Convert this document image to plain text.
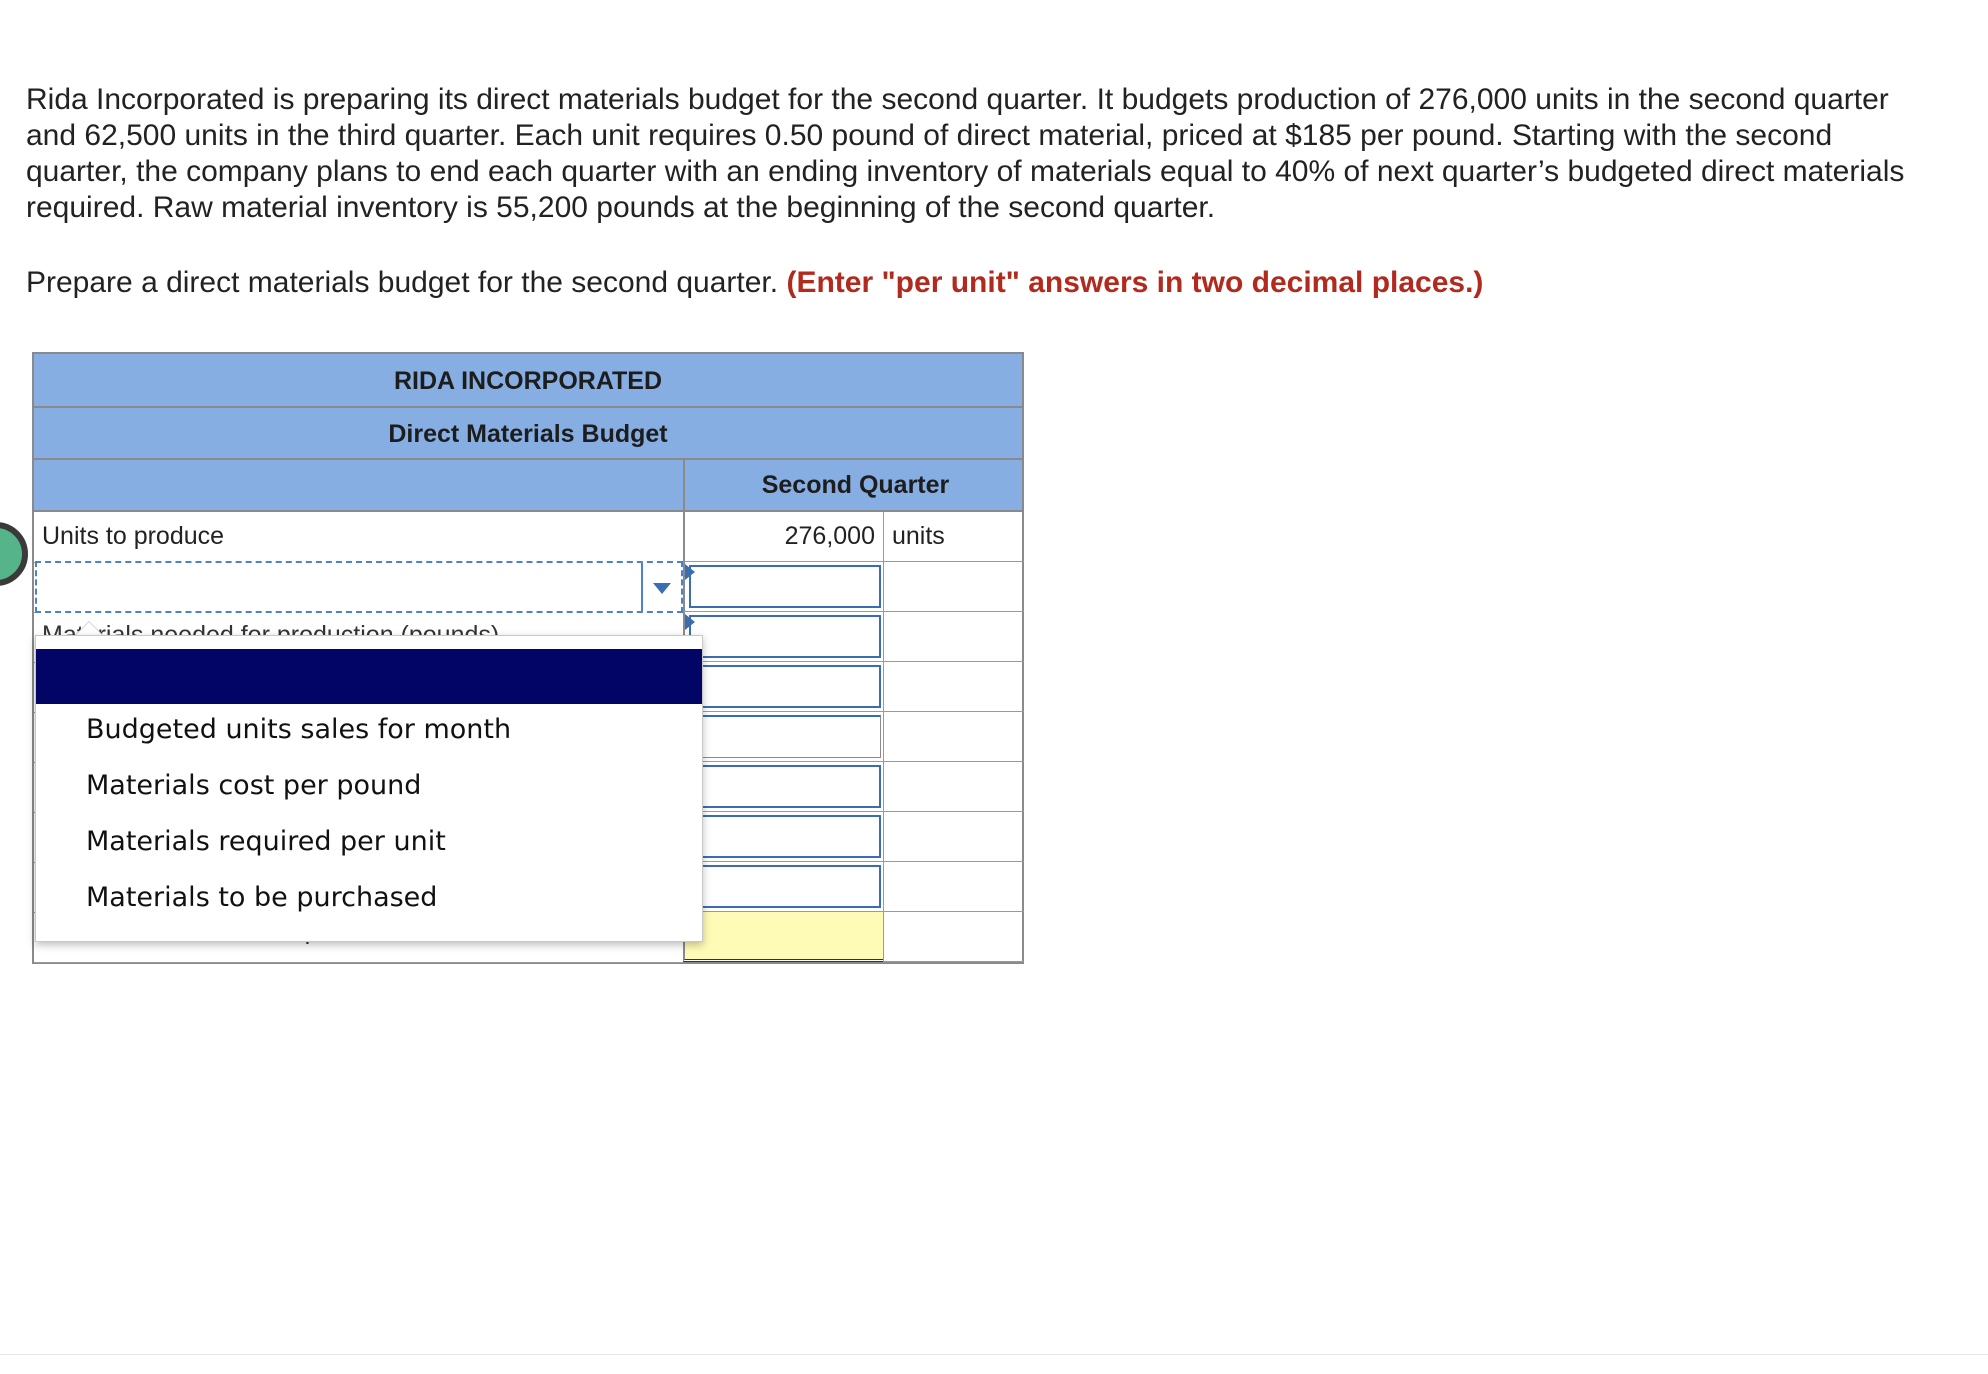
Rida Incorporated is preparing its direct materials budget for the second quarter. It budgets production of 276,000 units in the second quarter and 62,500 units in the third quarter. Each unit requires 0.50 pound of direct material, priced at $185 per pound. Starting with the second quarter, the company plans to end each quarter with an ending inventory of materials equal to 40% of next quarter’s budgeted direct materials required. Raw material inventory is 55,200 pounds at the beginning of the second quarter.

Prepare a direct materials budget for the second quarter. (Enter "per unit" answers in two decimal places.)
RIDA INCORPORATED
Direct Materials Budget
Second Quarter
Units to produce	276,000 units
Budgeted units sales for month
Materials cost per pound
Materials required per unit
Materials to be purchased
